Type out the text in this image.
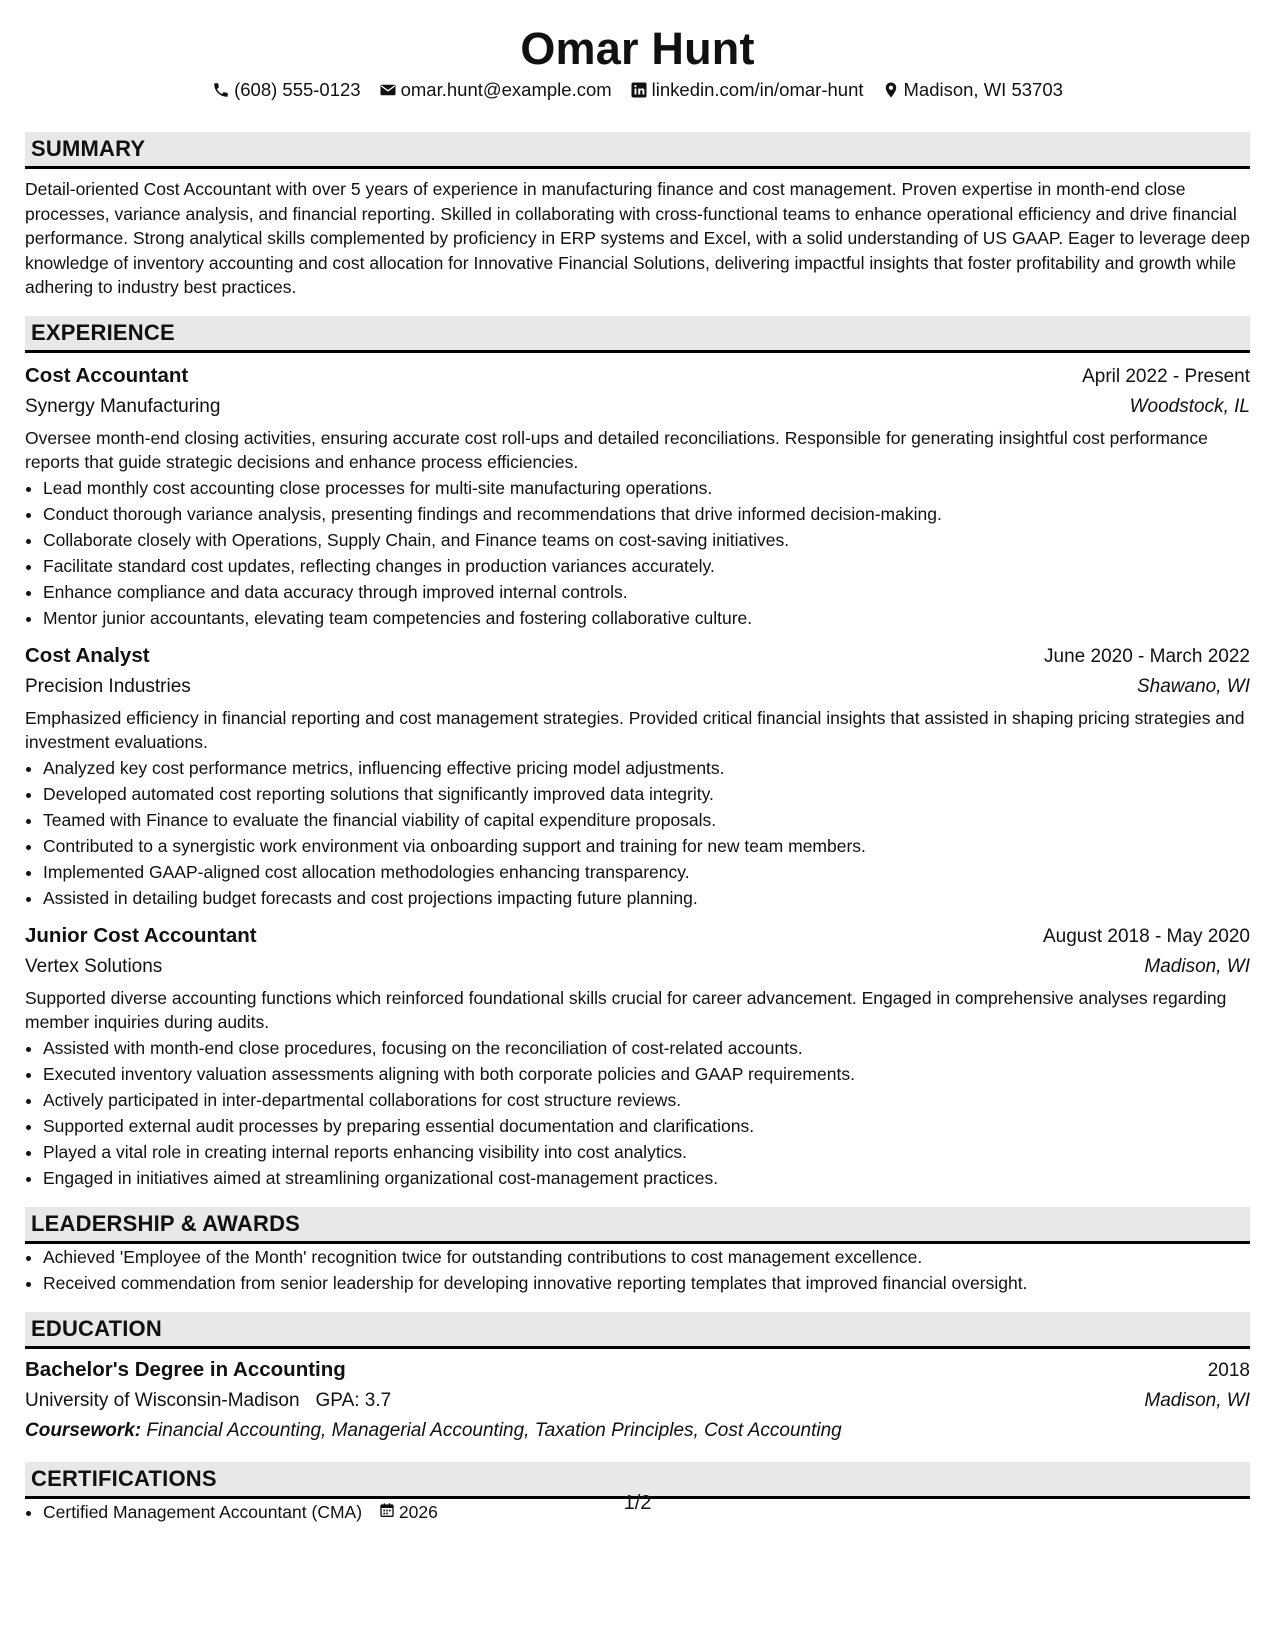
Omar Hunt
(608) 555-0123 omar.hunt@example.com linkedin.com/in/omar-hunt Madison, WI 53703
SUMMARY

Detail-oriented Cost Accountant with over 5 years of experience in manufacturing finance and cost management. Proven expertise in month-end close processes, variance analysis, and financial reporting. Skilled in collaborating with cross-functional teams to enhance operational efficiency and drive financial performance. Strong analytical skills complemented by proficiency in ERP systems and Excel, with a solid understanding of US GAAP. Eager to leverage deep knowledge of inventory accounting and cost allocation for Innovative Financial Solutions, delivering impactful insights that foster profitability and growth while adhering to industry best practices.

EXPERIENCE
Cost Accountant	April 2022 - Present
Synergy Manufacturing	Woodstock, IL

Oversee month-end closing activities, ensuring accurate cost roll-ups and detailed reconciliations. Responsible for generating insightful cost performance reports that guide strategic decisions and enhance process efficiencies.

• Lead monthly cost accounting close processes for multi-site manufacturing operations.
• Conduct thorough variance analysis, presenting findings and recommendations that drive informed decision-making.
• Collaborate closely with Operations, Supply Chain, and Finance teams on cost-saving initiatives.
• Facilitate standard cost updates, reflecting changes in production variances accurately.
• Enhance compliance and data accuracy through improved internal controls.
• Mentor junior accountants, elevating team competencies and fostering collaborative culture.
Cost Analyst	June 2020 - March 2022
Precision Industries	Shawano, WI

Emphasized efficiency in financial reporting and cost management strategies. Provided critical financial insights that assisted in shaping pricing strategies and investment evaluations.

• Analyzed key cost performance metrics, influencing effective pricing model adjustments.
• Developed automated cost reporting solutions that significantly improved data integrity.
• Teamed with Finance to evaluate the financial viability of capital expenditure proposals.
• Contributed to a synergistic work environment via onboarding support and training for new team members.
• Implemented GAAP-aligned cost allocation methodologies enhancing transparency.
• Assisted in detailing budget forecasts and cost projections impacting future planning.
Junior Cost Accountant	August 2018 - May 2020
Vertex Solutions	Madison, WI

Supported diverse accounting functions which reinforced foundational skills crucial for career advancement. Engaged in comprehensive analyses regarding member inquiries during audits.

• Assisted with month-end close procedures, focusing on the reconciliation of cost-related accounts.
• Executed inventory valuation assessments aligning with both corporate policies and GAAP requirements.
• Actively participated in inter-departmental collaborations for cost structure reviews.
• Supported external audit processes by preparing essential documentation and clarifications.
• Played a vital role in creating internal reports enhancing visibility into cost analytics.
• Engaged in initiatives aimed at streamlining organizational cost-management practices.
LEADERSHIP & AWARDS
• Achieved 'Employee of the Month' recognition twice for outstanding contributions to cost management excellence.
• Received commendation from senior leadership for developing innovative reporting templates that improved financial oversight.
EDUCATION
Bachelor's Degree in Accounting	2018
University of Wisconsin-Madison GPA: 3.7	Madison, WI
Coursework: Financial Accounting, Managerial Accounting, Taxation Principles, Cost Accounting
CERTIFICATIONS
• Certified Management Accountant (CMA) 2026	1/2
